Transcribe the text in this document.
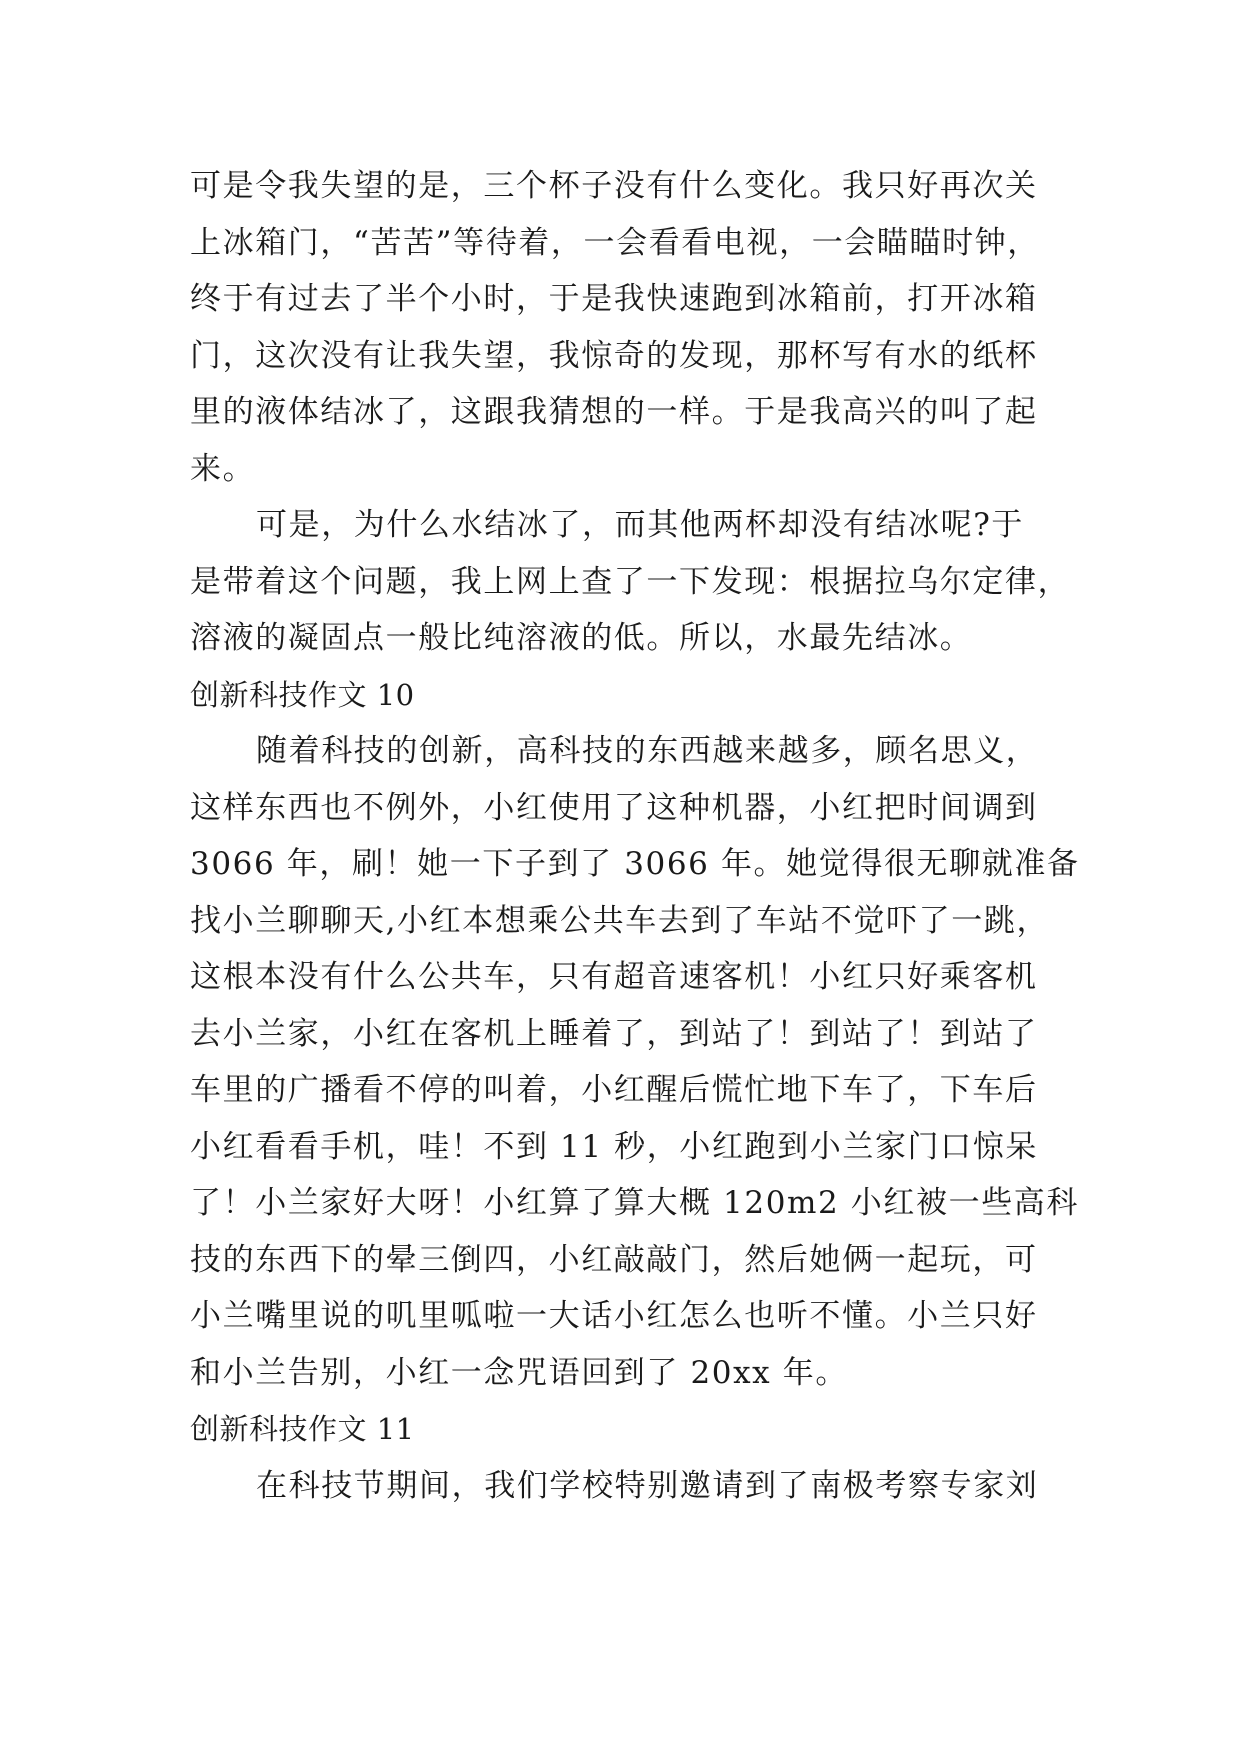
可是令我失望的是，三个杯子没有什么变化。我只好再次关
上冰箱门，“苦苦”等待着，一会看看电视，一会瞄瞄时钟，
终于有过去了半个小时，于是我快速跑到冰箱前，打开冰箱
门，这次没有让我失望，我惊奇的发现，那杯写有水的纸杯
里的液体结冰了，这跟我猜想的一样。于是我高兴的叫了起
来。
可是，为什么水结冰了，而其他两杯却没有结冰呢?于
是带着这个问题，我上网上查了一下发现：根据拉乌尔定律，
溶液的凝固点一般比纯溶液的低。所以，水最先结冰。
创新科技作文 10
随着科技的创新，高科技的东西越来越多，顾名思义，
这样东西也不例外，小红使用了这种机器，小红把时间调到
3066 年，刷！她一下子到了 3066 年。她觉得很无聊就准备
找小兰聊聊天,小红本想乘公共车去到了车站不觉吓了一跳，
这根本没有什么公共车，只有超音速客机！小红只好乘客机
去小兰家，小红在客机上睡着了，到站了！到站了！到站了
车里的广播看不停的叫着，小红醒后慌忙地下车了，下车后
小红看看手机，哇！不到 11 秒，小红跑到小兰家门口惊呆
了！小兰家好大呀！小红算了算大概 120m2 小红被一些高科
技的东西下的晕三倒四，小红敲敲门，然后她俩一起玩，可
小兰嘴里说的叽里呱啦一大话小红怎么也听不懂。小兰只好
和小兰告别，小红一念咒语回到了 20xx 年。
创新科技作文 11
在科技节期间，我们学校特别邀请到了南极考察专家刘
